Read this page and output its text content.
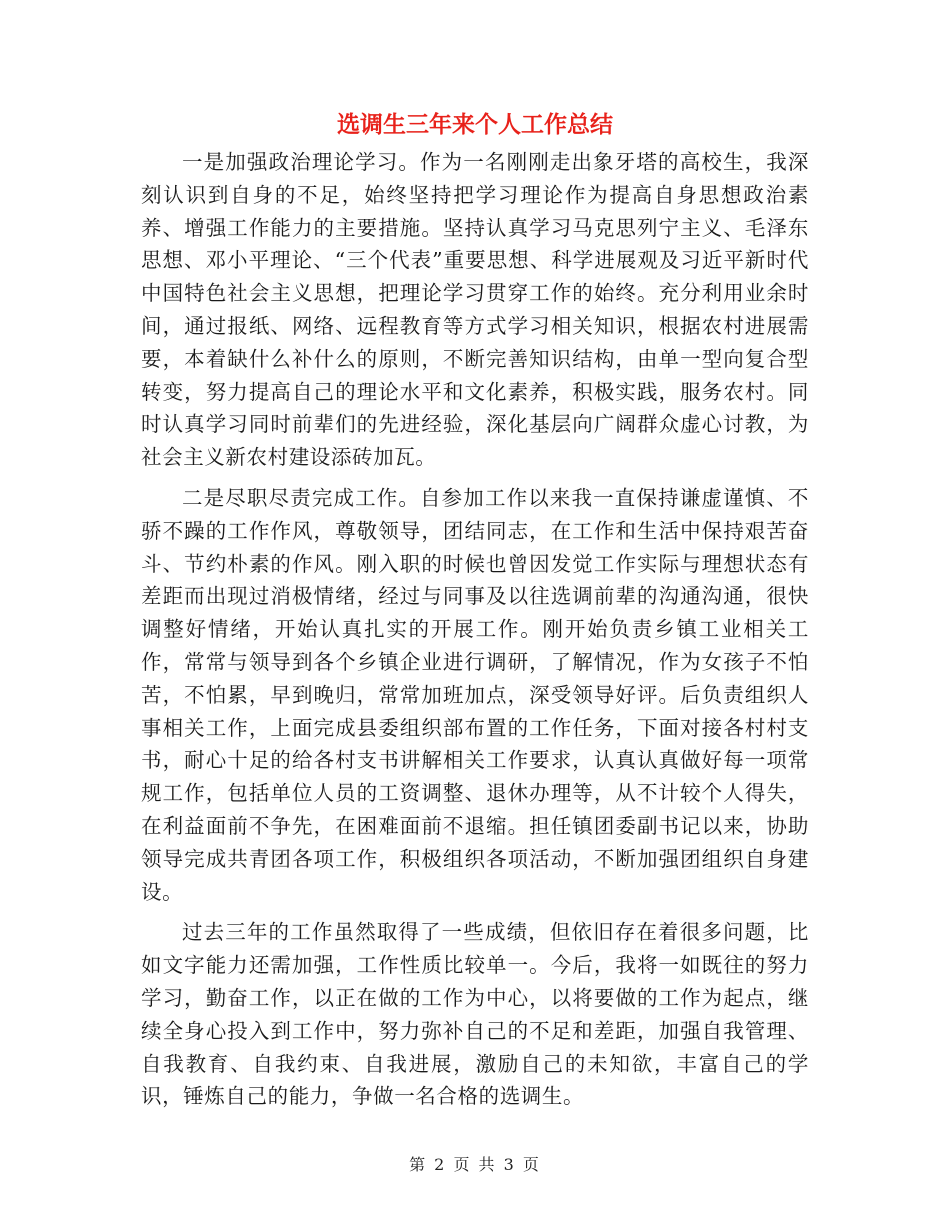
选调生三年来个人工作总结

一是加强政治理论学习。作为一名刚刚走出象牙塔的高校生，我深刻认识到自身的不足，始终坚持把学习理论作为提高自身思想政治素养、增强工作能力的主要措施。坚持认真学习马克思列宁主义、毛泽东思想、邓小平理论、“三个代表”重要思想、科学进展观及习近平新时代中国特色社会主义思想，把理论学习贯穿工作的始终。充分利用业余时间，通过报纸、网络、远程教育等方式学习相关知识，根据农村进展需要，本着缺什么补什么的原则，不断完善知识结构，由单一型向复合型转变，努力提高自己的理论水平和文化素养，积极实践，服务农村。同时认真学习同时前辈们的先进经验，深化基层向广阔群众虚心讨教，为社会主义新农村建设添砖加瓦。

二是尽职尽责完成工作。自参加工作以来我一直保持谦虚谨慎、不骄不躁的工作作风，尊敬领导，团结同志，在工作和生活中保持艰苦奋斗、节约朴素的作风。刚入职的时候也曾因发觉工作实际与理想状态有差距而出现过消极情绪，经过与同事及以往选调前辈的沟通沟通，很快调整好情绪，开始认真扎实的开展工作。刚开始负责乡镇工业相关工作，常常与领导到各个乡镇企业进行调研，了解情况，作为女孩子不怕苦，不怕累，早到晚归，常常加班加点，深受领导好评。后负责组织人事相关工作，上面完成县委组织部布置的工作任务，下面对接各村村支书，耐心十足的给各村支书讲解相关工作要求，认真认真做好每一项常规工作，包括单位人员的工资调整、退休办理等，从不计较个人得失，在利益面前不争先，在困难面前不退缩。担任镇团委副书记以来，协助领导完成共青团各项工作，积极组织各项活动，不断加强团组织自身建设。

过去三年的工作虽然取得了一些成绩，但依旧存在着很多问题，比如文字能力还需加强，工作性质比较单一。今后，我将一如既往的努力学习，勤奋工作，以正在做的工作为中心，以将要做的工作为起点，继续全身心投入到工作中，努力弥补自己的不足和差距，加强自我管理、自我教育、自我约束、自我进展，激励自己的未知欲，丰富自己的学识，锤炼自己的能力，争做一名合格的选调生。

第 2 页 共 3 页
